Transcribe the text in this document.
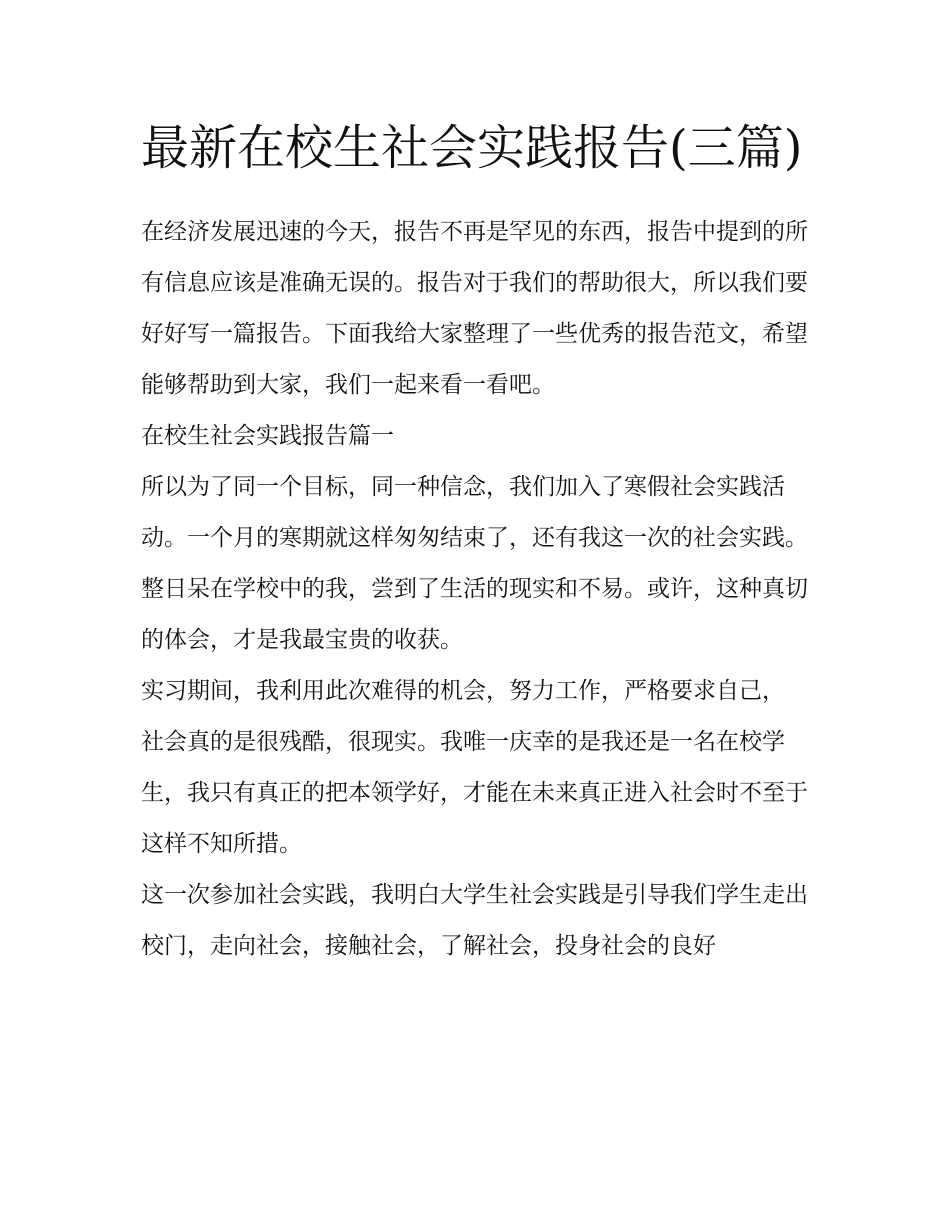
最新在校生社会实践报告(三篇)

在经济发展迅速的今天，报告不再是罕见的东西，报告中提到的所有信息应该是准确无误的。报告对于我们的帮助很大，所以我们要好好写一篇报告。下面我给大家整理了一些优秀的报告范文，希望能够帮助到大家，我们一起来看一看吧。

在校生社会实践报告篇一

所以为了同一个目标，同一种信念，我们加入了寒假社会实践活动。一个月的寒期就这样匆匆结束了，还有我这一次的社会实践。整日呆在学校中的我，尝到了生活的现实和不易。或许，这种真切的体会，才是我最宝贵的收获。

实习期间，我利用此次难得的机会，努力工作，严格要求自己，

社会真的是很残酷，很现实。我唯一庆幸的是我还是一名在校学生，我只有真正的把本领学好，才能在未来真正进入社会时不至于这样不知所措。

这一次参加社会实践，我明白大学生社会实践是引导我们学生走出校门，走向社会，接触社会，了解社会，投身社会的良好
